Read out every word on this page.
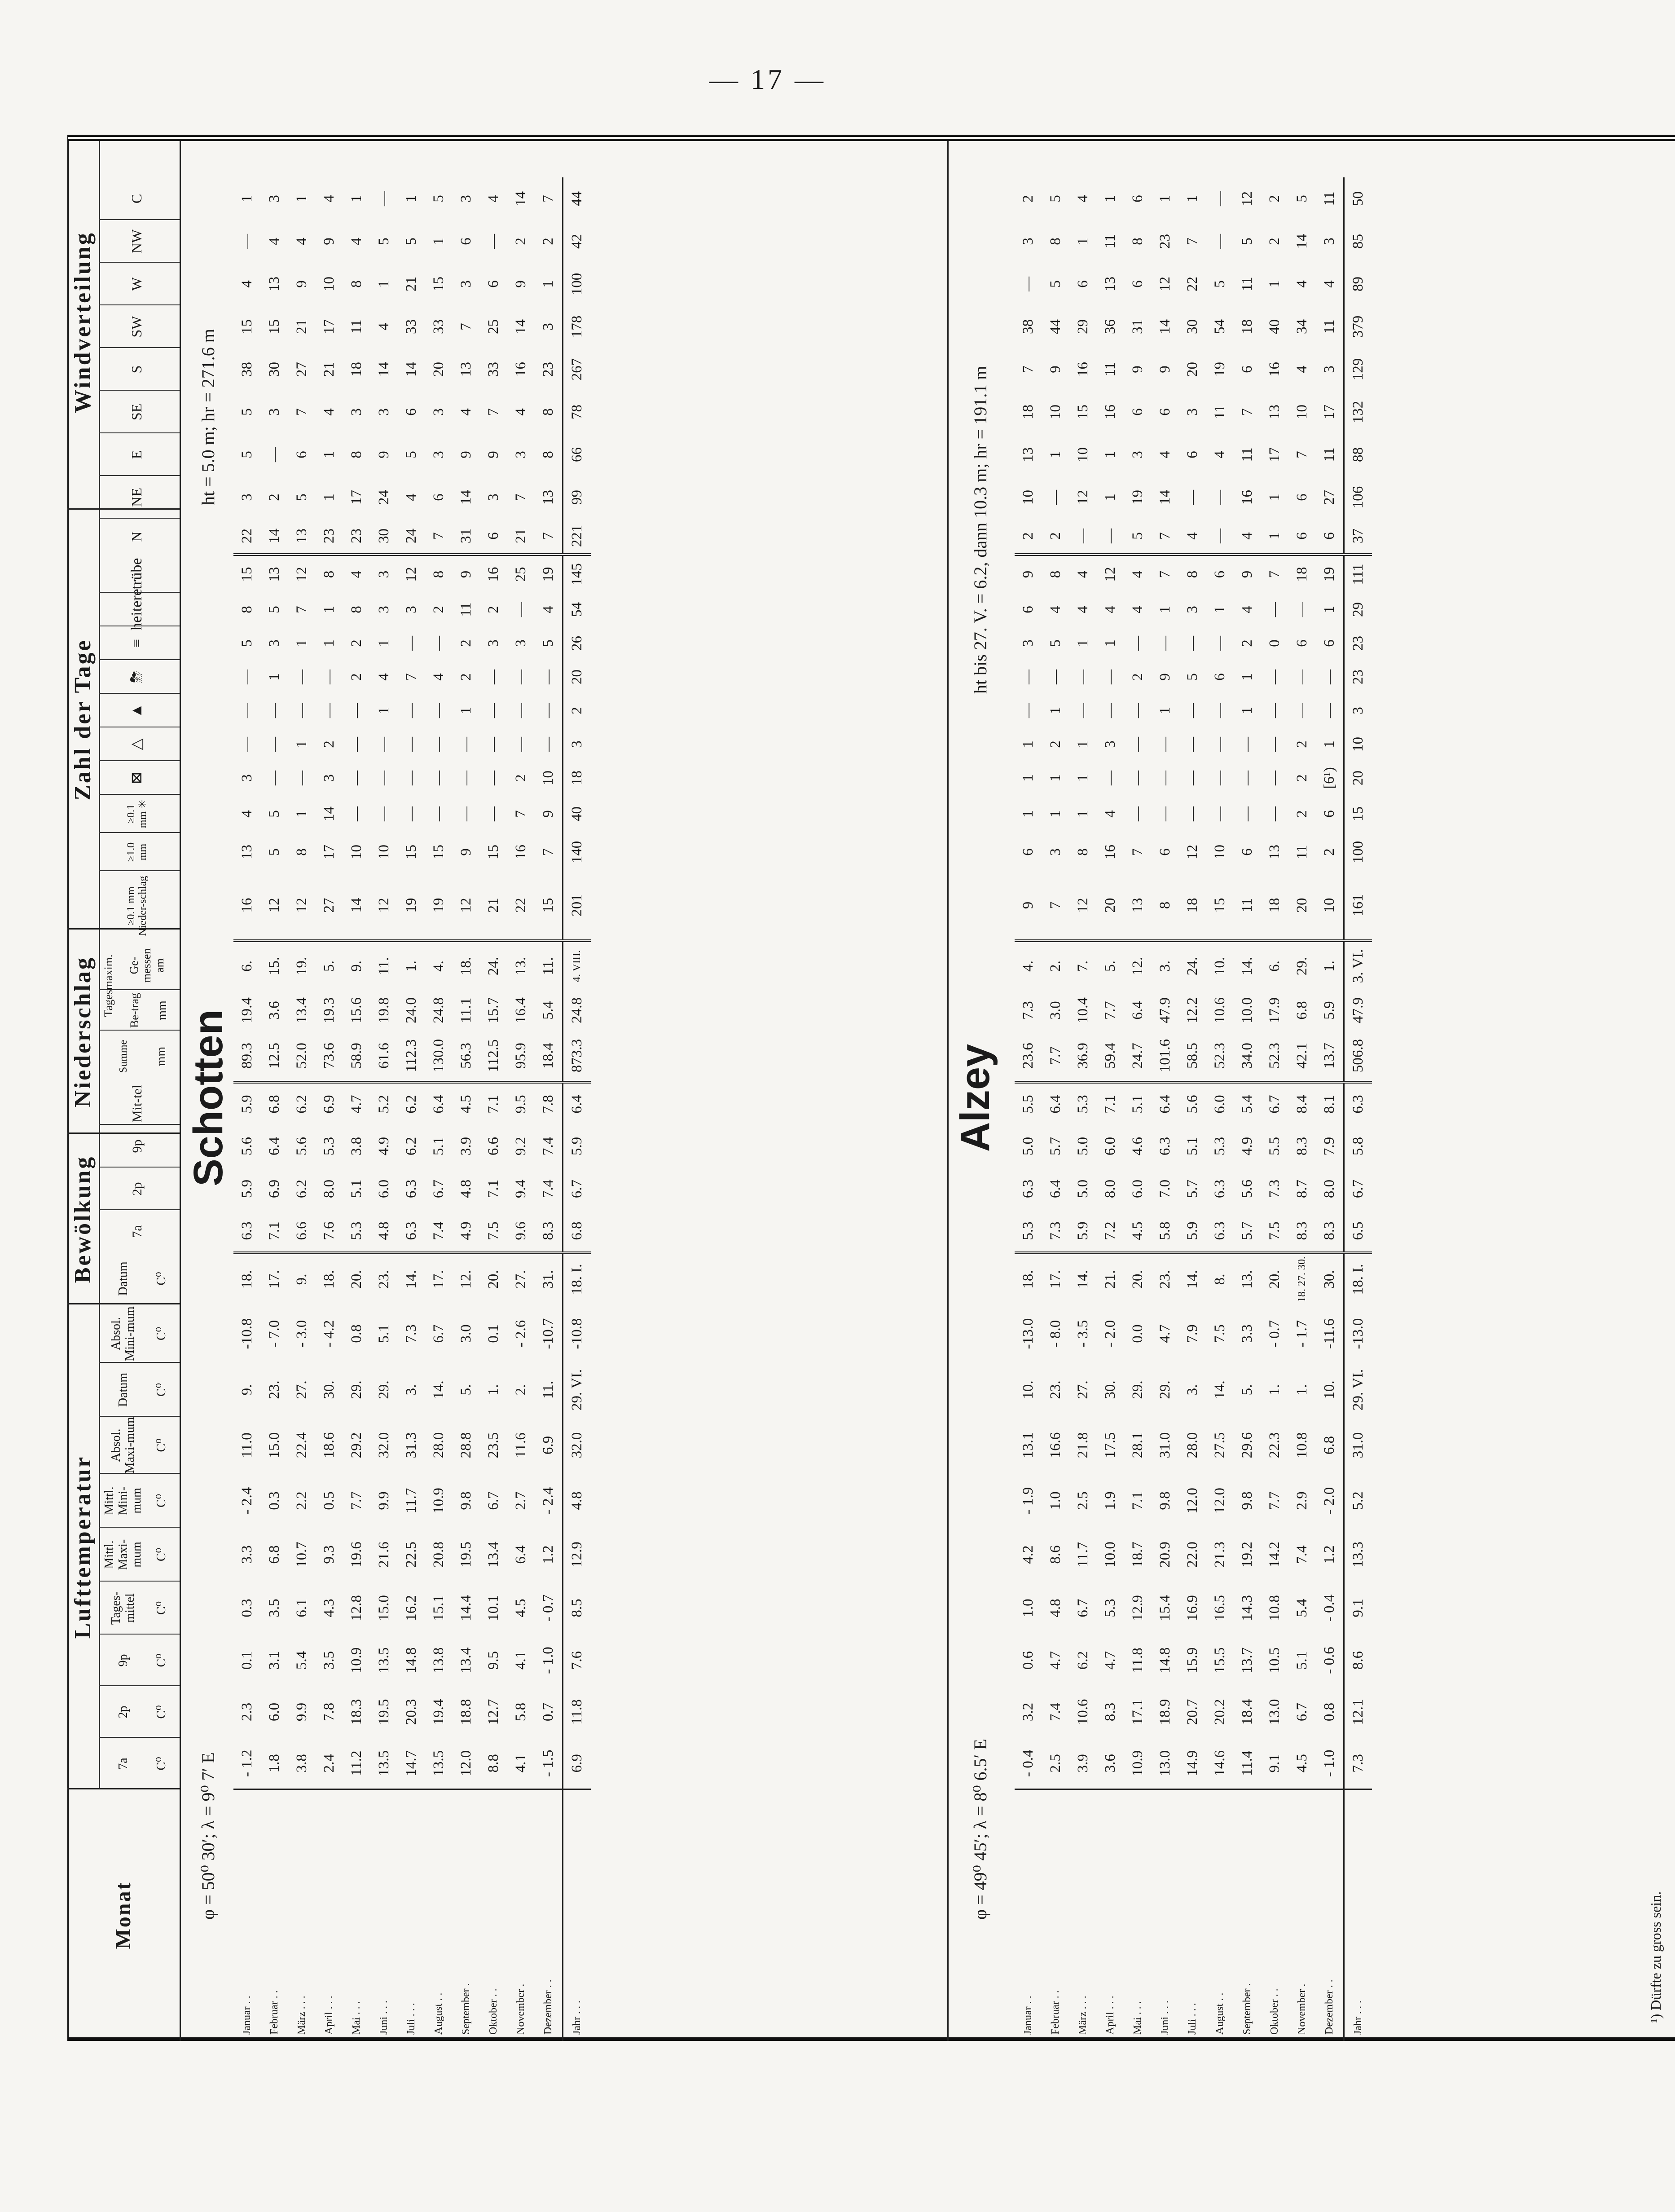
— 17 —
Monat
Lufttemperatur
Bewölkung
Niederschlag
Zahl der Tage
Windverteilung
7a	C⁰
2p	C⁰
9p	C⁰
Tages-mittel	C⁰
Mittl. Maxi-mum C⁰
Mittl. Mini-mum C⁰
Absol. Maxi-mum	C⁰
Datum	C⁰
Absol. Mini-mum	C⁰
Datum	C⁰
7a
2p
9p
Mit-tel
Summe	mm
Tagesmaxim.	Be-trag	mm
Ge-messen am
≥0.1 mm Nieder-schlag
≥1.0 mm
≥0.1 mm ✳
⊠
△
▲
⛈
≡
heitere
trübe
N
NE
E
SE
S
SW
W
NW
C
Schotten
φ = 50⁰ 30′; λ = 9⁰ 7′ E
ht = 5.0 m; hr = 271.6 m
Alzey
φ = 49⁰ 45′; λ = 8⁰ 6.5′ E
ht bis 27. V. = 6.2, dann 10.3 m; hr = 191.1 m
Januar . .	- 1.2	2.3	0.1	0.3	3.3	- 2.4	11.0	9.	-10.8	18.	6.3	5.9	5.6	5.9	89.3	19.4	6.	16	13	4	3	—	—	—	5	8	15	22	3	5	5	38	15	4	—	1
Februar . .	1.8	6.0	3.1	3.5	6.8	0.3	15.0	23.	- 7.0	17.	7.1	6.9	6.4	6.8	12.5	3.6	15.	12	5	5	—	—	—	1	3	5	13	14	2	—	3	30	15	13	4	3
März . . .	3.8	9.9	5.4	6.1	10.7	2.2	22.4	27.	- 3.0	9.	6.6	6.2	5.6	6.2	52.0	13.4	19.	12	8	1	—	1	—	—	1	7	12	13	5	6	7	27	21	9	4	1
April . . .	2.4	7.8	3.5	4.3	9.3	0.5	18.6	30.	- 4.2	18.	7.6	8.0	5.3	6.9	73.6	19.3	5.	27	17	14	3	2	—	—	1	1	8	23	1	1	4	21	17	10	9	4
Mai . . .	11.2	18.3	10.9	12.8	19.6	7.7	29.2	29.	0.8	20.	5.3	5.1	3.8	4.7	58.9	15.6	9.	14	10	—	—	—	—	2	2	8	4	23	17	8	3	18	11	8	4	1
Juni . . .	13.5	19.5	13.5	15.0	21.6	9.9	32.0	29.	5.1	23.	4.8	6.0	4.9	5.2	61.6	19.8	11.	12	10	—	—	—	1	4	1	3	3	30	24	9	3	14	4	1	5	—
Juli . . .	14.7	20.3	14.8	16.2	22.5	11.7	31.3	3.	7.3	14.	6.3	6.3	6.2	6.2	112.3	24.0	1.	19	15	—	—	—	—	7	—	3	12	24	4	5	6	14	33	21	5	1
August . .	13.5	19.4	13.8	15.1	20.8	10.9	28.0	14.	6.7	17.	7.4	6.7	5.1	6.4	130.0	24.8	4.	19	15	—	—	—	—	4	—	2	8	7	6	3	3	20	33	15	1	5
September .	12.0	18.8	13.4	14.4	19.5	9.8	28.8	5.	3.0	12.	4.9	4.8	3.9	4.5	56.3	11.1	18.	12	9	—	—	—	1	2	2	11	9	31	14	9	4	13	7	3	6	3
Oktober . .	8.8	12.7	9.5	10.1	13.4	6.7	23.5	1.	0.1	20.	7.5	7.1	6.6	7.1	112.5	15.7	24.	21	15	—	—	—	—	—	3	2	16	6	3	9	7	33	25	6	—	4
November .	4.1	5.8	4.1	4.5	6.4	2.7	11.6	2.	- 2.6	27.	9.6	9.4	9.2	9.5	95.9	16.4	13.	22	16	7	2	—	—	—	3	—	25	21	7	3	4	16	14	9	2	14
Dezember . .	- 1.5	0.7	- 1.0	- 0.7	1.2	- 2.4	6.9	11.	-10.7	31.	8.3	7.4	7.4	7.8	18.4	5.4	11.	15	7	9	10	—	—	—	5	4	19	7	13	8	8	23	3	1	2	7
Jahr . . .	6.9	11.8	7.6	8.5	12.9	4.8	32.0	29. VI.	-10.8	18. I.	6.8	6.7	5.9	6.4	873.3	24.8	4. VIII.	201	140	40	18	3	2	20	26	54	145	221	99	66	78	267	178	100	42	44
Januar . .	- 0.4	3.2	0.6	1.0	4.2	- 1.9	13.1	10.	-13.0	18.	5.3	6.3	5.0	5.5	23.6	7.3	4.	9	6	1	1	1	—	—	3	6	9	2	10	13	18	7	38	—	3	2
Februar . .	2.5	7.4	4.7	4.8	8.6	1.0	16.6	23.	- 8.0	17.	7.3	6.4	5.7	6.4	7.7	3.0	2.	7	3	1	1	2	1	—	5	4	8	2	—	1	10	9	44	5	8	5
März . . .	3.9	10.6	6.2	6.7	11.7	2.5	21.8	27.	- 3.5	14.	5.9	5.0	5.0	5.3	36.9	10.4	7.	12	8	1	1	1	—	—	1	4	4	—	12	10	15	16	29	6	1	4
April . . .	3.6	8.3	4.7	5.3	10.0	1.9	17.5	30.	- 2.0	21.	7.2	8.0	6.0	7.1	59.4	7.7	5.	20	16	4	—	3	—	—	1	4	12	—	1	1	16	11	36	13	11	1
Mai . . .	10.9	17.1	11.8	12.9	18.7	7.1	28.1	29.	0.0	20.	4.5	6.0	4.6	5.1	24.7	6.4	12.	13	7	—	—	—	—	2	—	4	4	5	19	3	6	9	31	6	8	6
Juni . . .	13.0	18.9	14.8	15.4	20.9	9.8	31.0	29.	4.7	23.	5.8	7.0	6.3	6.4	101.6	47.9	3.	8	6	—	—	—	1	9	—	1	7	7	14	4	6	9	14	12	23	1
Juli . . .	14.9	20.7	15.9	16.9	22.0	12.0	28.0	3.	7.9	14.	5.9	5.7	5.1	5.6	58.5	12.2	24.	18	12	—	—	—	—	5	—	3	8	4	—	6	3	20	30	22	7	1
August . .	14.6	20.2	15.5	16.5	21.3	12.0	27.5	14.	7.5	8.	6.3	6.3	5.3	6.0	52.3	10.6	10.	15	10	—	—	—	—	6	—	1	6	—	—	4	11	19	54	5	—	—
September .	11.4	18.4	13.7	14.3	19.2	9.8	29.6	5.	3.3	13.	5.7	5.6	4.9	5.4	34.0	10.0	14.	11	6	—	—	—	1	1	2	4	9	4	16	11	7	6	18	11	5	12
Oktober . .	9.1	13.0	10.5	10.8	14.2	7.7	22.3	1.	- 0.7	20.	7.5	7.3	5.5	6.7	52.3	17.9	6.	18	13	—	—	—	—	—	0	—	7	1	1	17	13	16	40	1	2	2
November .	4.5	6.7	5.1	5.4	7.4	2.9	10.8	1.	- 1.7	18. 27. 30.	8.3	8.7	8.3	8.4	42.1	6.8	29.	20	11	2	2	2	—	—	6	—	18	6	6	7	10	4	34	4	14	5
Dezember . .	- 1.0	0.8	- 0.6	- 0.4	1.2	- 2.0	6.8	10.	-11.6	30.	8.3	8.0	7.9	8.1	13.7	5.9	1.	10	2	6	[6¹)	1	—	—	6	1	19	6	27	11	17	3	11	4	3	11
Jahr . . .	7.3	12.1	8.6	9.1	13.3	5.2	31.0	29. VI.	-13.0	18. I.	6.5	6.7	5.8	6.3	506.8	47.9	3. VI.	161	100	15	20	10	3	23	23	29	111	37	106	88	132	129	379	89	85	50
¹) Dürfte zu gross sein.
